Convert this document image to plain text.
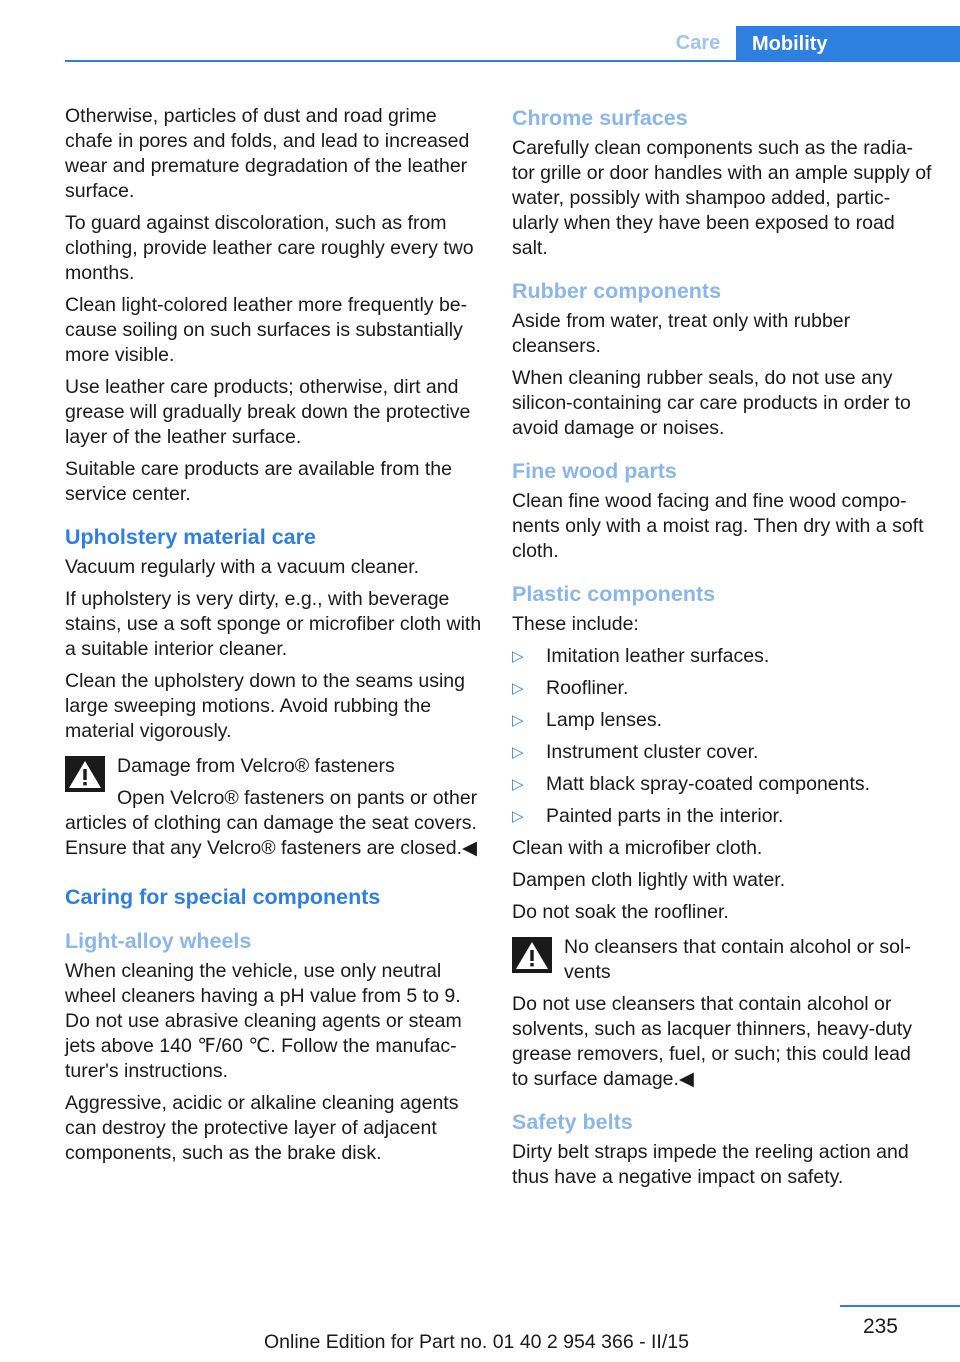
Care	Mobility

Otherwise, particles of dust and road grime chafe in pores and folds, and lead to increased wear and premature degradation of the leather surface.

To guard against discoloration, such as from clothing, provide leather care roughly every two months.

Clean light-colored leather more frequently be‐cause soiling on such surfaces is substantially more visible.

Use leather care products; otherwise, dirt and grease will gradually break down the protective layer of the leather surface.

Suitable care products are available from the service center.

Upholstery material care

Vacuum regularly with a vacuum cleaner.

If upholstery is very dirty, e.g., with beverage stains, use a soft sponge or microfiber cloth with a suitable interior cleaner.

Clean the upholstery down to the seams using large sweeping motions. Avoid rubbing the material vigorously.

Damage from Velcro® fasteners

Open Velcro® fasteners on pants or other articles of clothing can damage the seat covers. Ensure that any Velcro® fasteners are closed.◀

Caring for special components
Light-alloy wheels

When cleaning the vehicle, use only neutral wheel cleaners having a pH value from 5 to 9. Do not use abrasive cleaning agents or steam jets above 140 ℉/60 ℃. Follow the manufac‐turer's instructions.

Aggressive, acidic or alkaline cleaning agents can destroy the protective layer of adjacent components, such as the brake disk.

Chrome surfaces

Carefully clean components such as the radia‐tor grille or door handles with an ample supply of water, possibly with shampoo added, partic‐ularly when they have been exposed to road salt.

Rubber components

Aside from water, treat only with rubber cleansers.

When cleaning rubber seals, do not use any silicon-containing car care products in order to avoid damage or noises.

Fine wood parts

Clean fine wood facing and fine wood compo‐nents only with a moist rag. Then dry with a soft cloth.

Plastic components

These include:

▷ Imitation leather surfaces.
▷ Roofliner.
▷ Lamp lenses.
▷ Instrument cluster cover.
▷ Matt black spray-coated components.
▷ Painted parts in the interior.

Clean with a microfiber cloth.

Dampen cloth lightly with water.

Do not soak the roofliner.

No cleansers that contain alcohol or sol‐vents

Do not use cleansers that contain alcohol or solvents, such as lacquer thinners, heavy-duty grease removers, fuel, or such; this could lead to surface damage.◀

Safety belts

Dirty belt straps impede the reeling action and thus have a negative impact on safety.

235
Online Edition for Part no. 01 40 2 954 366 - II/15
